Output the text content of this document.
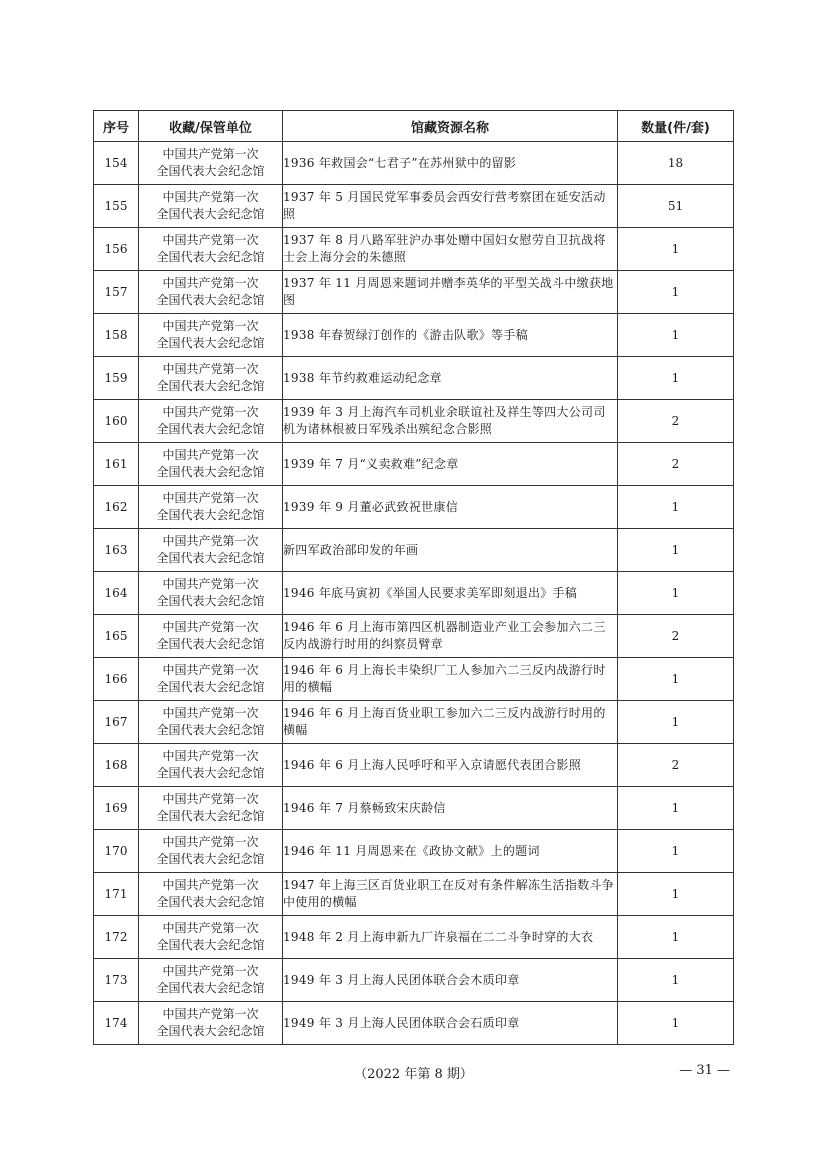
序号	收藏/保管单位	馆藏资源名称	数量(件/套)
154	中国共产党第一次
全国代表大会纪念馆	1936 年救国会“七君子”在苏州狱中的留影	18
155	中国共产党第一次
全国代表大会纪念馆	1937 年 5 月国民党军事委员会西安行营考察团在延安活动照	51
156	中国共产党第一次
全国代表大会纪念馆	1937 年 8 月八路军驻沪办事处赠中国妇女慰劳自卫抗战将士会上海分会的朱德照	1
157	中国共产党第一次
全国代表大会纪念馆	1937 年 11 月周恩来题词并赠李英华的平型关战斗中缴获地图	1
158	中国共产党第一次
全国代表大会纪念馆	1938 年春贺绿汀创作的《游击队歌》等手稿	1
159	中国共产党第一次
全国代表大会纪念馆	1938 年节约救难运动纪念章	1
160	中国共产党第一次
全国代表大会纪念馆	1939 年 3 月上海汽车司机业余联谊社及祥生等四大公司司机为诸林根被日军残杀出殡纪念合影照	2
161	中国共产党第一次
全国代表大会纪念馆	1939 年 7 月“义卖救难”纪念章	2
162	中国共产党第一次
全国代表大会纪念馆	1939 年 9 月董必武致祝世康信	1
163	中国共产党第一次
全国代表大会纪念馆	新四军政治部印发的年画	1
164	中国共产党第一次
全国代表大会纪念馆	1946 年底马寅初《举国人民要求美军即刻退出》手稿	1
165	中国共产党第一次
全国代表大会纪念馆	1946 年 6 月上海市第四区机器制造业产业工会参加六二三反内战游行时用的纠察员臂章	2
166	中国共产党第一次
全国代表大会纪念馆	1946 年 6 月上海长丰染织厂工人参加六二三反内战游行时用的横幅	1
167	中国共产党第一次
全国代表大会纪念馆	1946 年 6 月上海百货业职工参加六二三反内战游行时用的横幅	1
168	中国共产党第一次
全国代表大会纪念馆	1946 年 6 月上海人民呼吁和平入京请愿代表团合影照	2
169	中国共产党第一次
全国代表大会纪念馆	1946 年 7 月蔡畅致宋庆龄信	1
170	中国共产党第一次
全国代表大会纪念馆	1946 年 11 月周恩来在《政协文献》上的题词	1
171	中国共产党第一次
全国代表大会纪念馆	1947 年上海三区百货业职工在反对有条件解冻生活指数斗争中使用的横幅	1
172	中国共产党第一次
全国代表大会纪念馆	1948 年 2 月上海申新九厂许泉福在二二斗争时穿的大衣	1
173	中国共产党第一次
全国代表大会纪念馆	1949 年 3 月上海人民团体联合会木质印章	1
174	中国共产党第一次
全国代表大会纪念馆	1949 年 3 月上海人民团体联合会石质印章	1
（2022 年第 8 期）	— 31 —
